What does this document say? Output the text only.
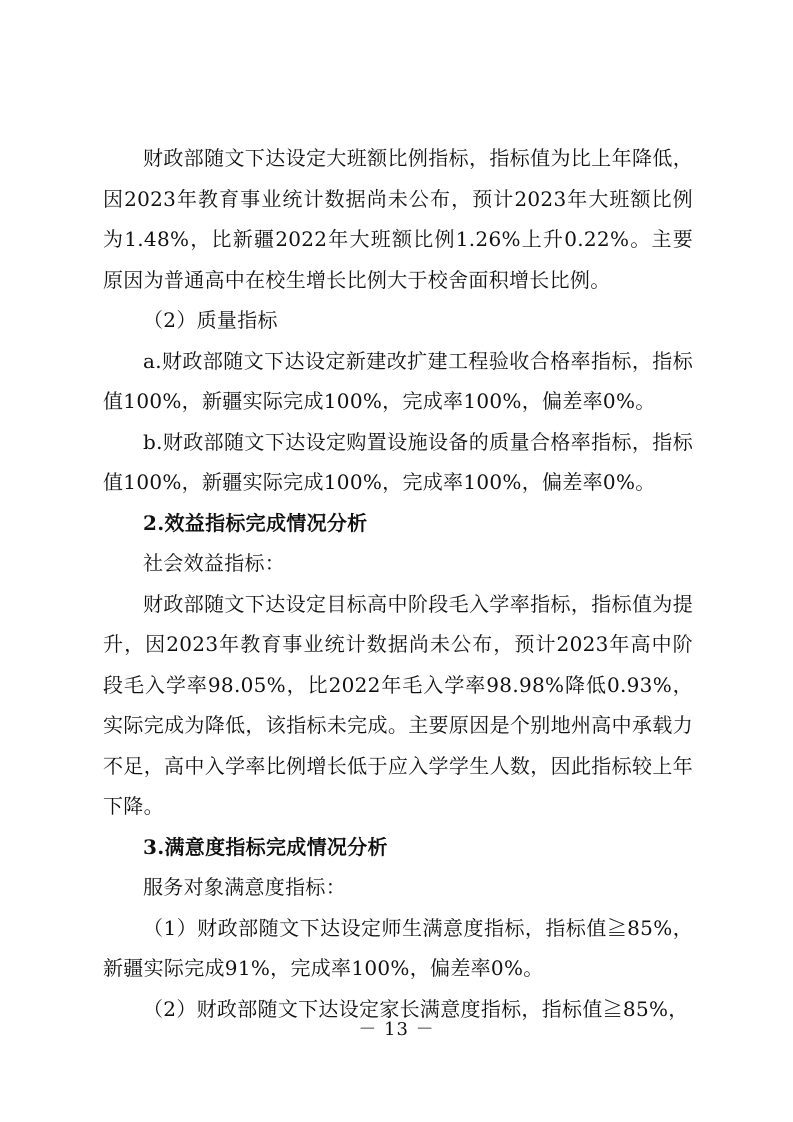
财政部随文下达设定大班额比例指标，指标值为比上年降低，因2023年教育事业统计数据尚未公布，预计2023年大班额比例为1.48%，比新疆2022年大班额比例1.26%上升0.22%。主要原因为普通高中在校生增长比例大于校舍面积增长比例。

（2）质量指标

a.财政部随文下达设定新建改扩建工程验收合格率指标，指标值100%，新疆实际完成100%，完成率100%，偏差率0%。

b.财政部随文下达设定购置设施设备的质量合格率指标，指标值100%，新疆实际完成100%，完成率100%，偏差率0%。

2.效益指标完成情况分析

社会效益指标：

财政部随文下达设定目标高中阶段毛入学率指标，指标值为提升，因2023年教育事业统计数据尚未公布，预计2023年高中阶段毛入学率98.05%，比2022年毛入学率98.98%降低0.93%，实际完成为降低，该指标未完成。主要原因是个别地州高中承载力不足，高中入学率比例增长低于应入学学生人数，因此指标较上年下降。

3.满意度指标完成情况分析

服务对象满意度指标：

（1）财政部随文下达设定师生满意度指标，指标值≧85%，新疆实际完成91%，完成率100%，偏差率0%。

（2）财政部随文下达设定家长满意度指标，指标值≧85%，

－ 13 －
